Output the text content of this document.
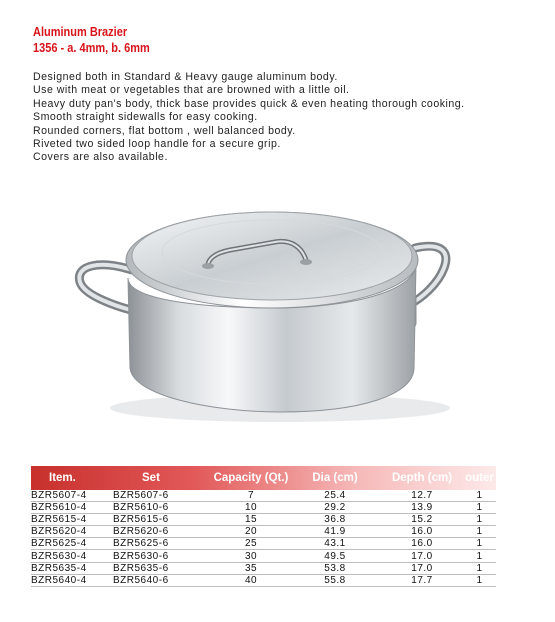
Aluminum Brazier
1356 - a. 4mm, b. 6mm
Designed both in Standard & Heavy gauge aluminum body.
Use with meat or vegetables that are browned with a little oil.
Heavy duty pan's body, thick base provides quick & even heating thorough cooking.
Smooth straight sidewalls for easy cooking.
Rounded corners, flat bottom , well balanced body.
Riveted two sided loop handle for a secure grip.
Covers are also available.
Item.	Set	Capacity (Qt.)	Dia (cm)	Depth (cm)	outer
BZR5607-4	BZR5607-6	7	25.4	12.7	1
BZR5610-4	BZR5610-6	10	29.2	13.9	1
BZR5615-4	BZR5615-6	15	36.8	15.2	1
BZR5620-4	BZR5620-6	20	41.9	16.0	1
BZR5625-4	BZR5625-6	25	43.1	16.0	1
BZR5630-4	BZR5630-6	30	49.5	17.0	1
BZR5635-4	BZR5635-6	35	53.8	17.0	1
BZR5640-4	BZR5640-6	40	55.8	17.7	1
